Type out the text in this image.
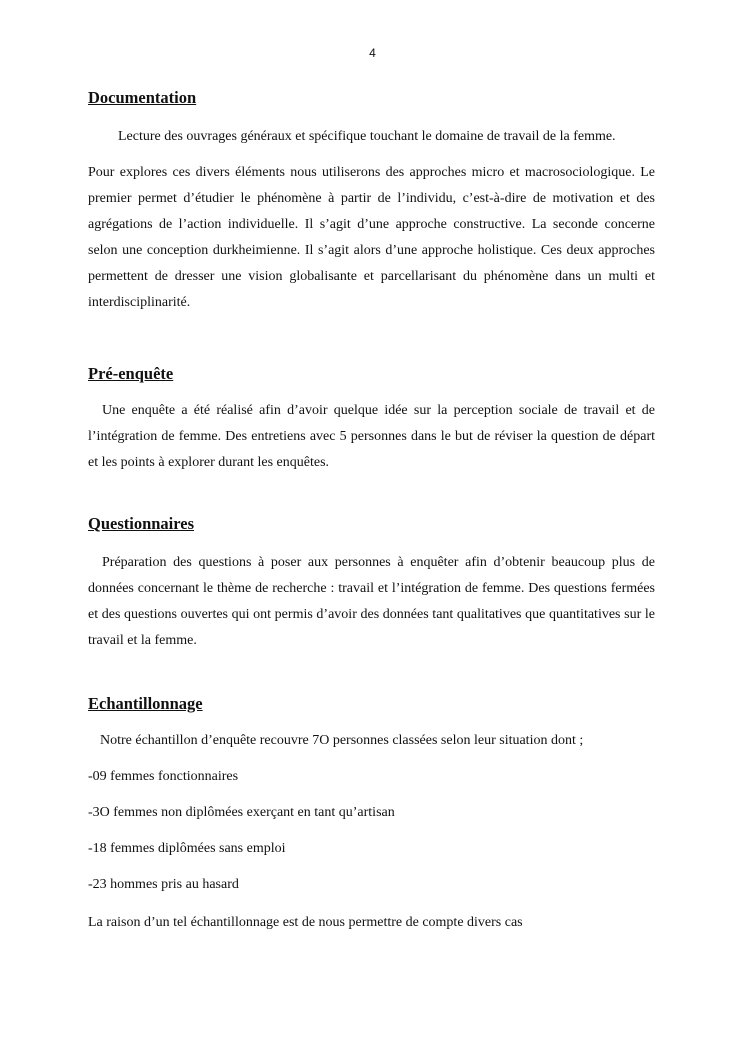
4
Documentation

Lecture des ouvrages généraux et spécifique touchant le domaine de travail de la femme.

Pour explores ces divers éléments nous utiliserons des approches micro et macrosociologique. Le premier permet d’étudier le phénomène à partir de l’individu, c’est-à-dire de motivation et des agrégations de l’action individuelle. Il s’agit d’une approche constructive. La seconde concerne selon une conception durkheimienne. Il s’agit alors d’une approche holistique. Ces deux approches permettent de dresser une vision globalisante et parcellarisant du phénomène dans un multi et interdisciplinarité.

Pré-enquête

Une enquête a été réalisé afin d’avoir quelque idée sur la perception sociale de travail et de l’intégration de femme. Des entretiens avec 5 personnes dans le but de réviser la question de départ et les points à explorer durant les enquêtes.

Questionnaires

Préparation des questions à poser aux personnes à enquêter afin d’obtenir beaucoup plus de données concernant le thème de recherche : travail et l’intégration de femme. Des questions fermées et des questions ouvertes qui ont permis d’avoir des données tant qualitatives que quantitatives sur le travail et la femme.

Echantillonnage

Notre échantillon d’enquête recouvre 7O personnes classées selon leur situation dont ;

-09 femmes fonctionnaires

-3O femmes non diplômées exerçant en tant qu’artisan

-18 femmes diplômées sans emploi

-23 hommes pris au hasard

La raison d’un tel échantillonnage est de nous permettre de compte divers cas
